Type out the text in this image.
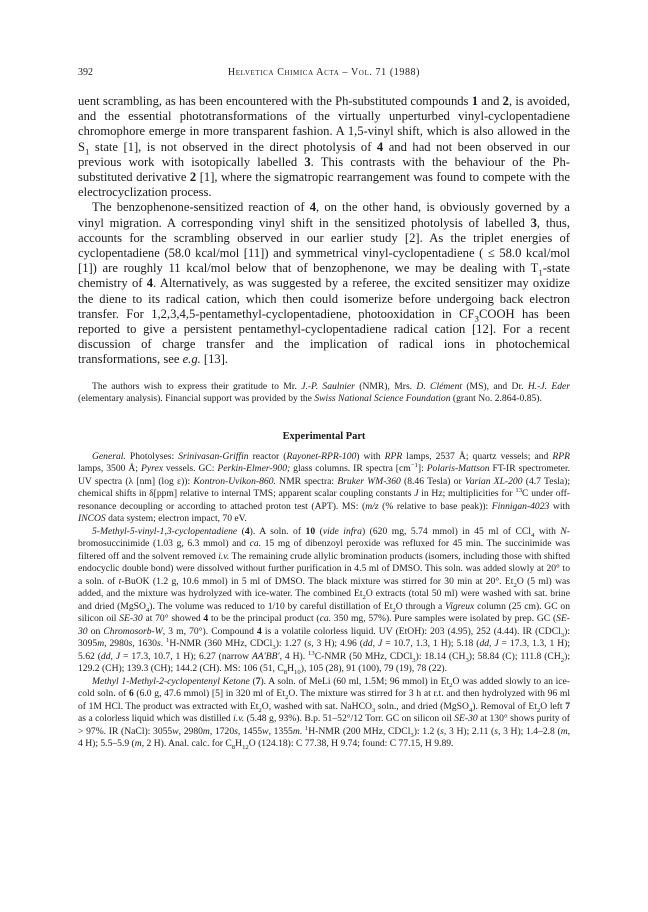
392	Helvetica Chimica Acta – Vol. 71 (1988)

uent scrambling, as has been encountered with the Ph-substituted compounds 1 and 2, is avoided, and the essential phototransformations of the virtually unperturbed vinyl-cyclopentadiene chromophore emerge in more transparent fashion. A 1,5-vinyl shift, which is also allowed in the $S_1$ state [1], is not observed in the direct photolysis of 4 and had not been observed in our previous work with isotopically labelled 3. This contrasts with the behaviour of the Ph-substituted derivative 2 [1], where the sigmatropic rearrangement was found to compete with the electrocyclization process.

The benzophenone-sensitized reaction of 4, on the other hand, is obviously governed by a vinyl migration. A corresponding vinyl shift in the sensitized photolysis of labelled 3, thus, accounts for the scrambling observed in our earlier study [2]. As the triplet energies of cyclopentadiene (58.0 kcal/mol [11]) and symmetrical vinyl-cyclopentadiene ( ≤ 58.0 kcal/mol [1]) are roughly 11 kcal/mol below that of benzophenone, we may be dealing with $T_1$-state chemistry of 4. Alternatively, as was suggested by a referee, the excited sensitizer may oxidize the diene to its radical cation, which then could isomerize before undergoing back electron transfer. For 1,2,3,4,5-pentamethyl-cyclopentadiene, photooxidation in $CF_3COOH$ has been reported to give a persistent pentamethyl-cyclopentadiene radical cation [12]. For a recent discussion of charge transfer and the implication of radical ions in photochemical transformations, see e.g. [13].

The authors wish to express their gratitude to Mr. J.-P. Saulnier (NMR), Mrs. D. Clément (MS), and Dr. H.-J. Eder (elementary analysis). Financial support was provided by the Swiss National Science Foundation (grant No. 2.864-0.85).

Experimental Part

General. Photolyses: Srinivasan-Griffin reactor (Rayonet-RPR-100) with RPR lamps, 2537 Å; quartz vessels; and RPR lamps, 3500 Å; Pyrex vessels. GC: Perkin-Elmer-900; glass columns. IR spectra $[cm^{-1}]$: Polaris-Mattson FT-IR spectrometer. UV spectra (λ [nm] (log ε)): Kontron-Uvikon-860. NMR spectra: Bruker WM-360 (8.46 Tesla) or Varian XL-200 (4.7 Tesla); chemical shifts in δ[ppm] relative to internal TMS; apparent scalar coupling constants J in Hz; multiplicities for $^{13}$C under off-resonance decoupling or according to attached proton test (APT). MS: (m/z (% relative to base peak)): Finnigan-4023 with INCOS data system; electron impact, 70 eV.

5-Methyl-5-vinyl-1,3-cyclopentadiene (4). A soln. of 10 (vide infra) (620 mg, 5.74 mmol) in 45 ml of CCl$_4$ with N-bromosuccinimide (1.03 g, 6.3 mmol) and ca. 15 mg of dibenzoyl peroxide was refluxed for 45 min. The succinimide was filtered off and the solvent removed i.v. The remaining crude allylic bromination products (isomers, including those with shifted endocyclic double bond) were dissolved without further purification in 4.5 ml of DMSO. This soln. was added slowly at 20° to a soln. of t-BuOK (1.2 g, 10.6 mmol) in 5 ml of DMSO. The black mixture was stirred for 30 min at 20°. $Et_2O$ (5 ml) was added, and the mixture was hydrolyzed with ice-water. The combined $Et_2O$ extracts (total 50 ml) were washed with sat. brine and dried (MgSO$_4$). The volume was reduced to 1/10 by careful distillation of $Et_2O$ through a Vigreux column (25 cm). GC on silicon oil SE-30 at 70° showed 4 to be the principal product (ca. 350 mg, 57%). Pure samples were isolated by prep. GC (SE-30 on Chromosorb-W, 3 m, 70°). Compound 4 is a volatile colorless liquid. UV (EtOH): 203 (4.95), 252 (4.44). IR (CDCl$_3$): 3095m, 2980s, 1630s. $^1$H-NMR (360 MHz, CDCl$_3$): 1.27 (s, 3 H); 4.96 (dd, J = 10.7, 1.3, 1 H); 5.18 (dd, J = 17.3, 1.3, 1 H); 5.62 (dd, J = 17.3, 10.7, 1 H); 6.27 (narrow AA′BB′, 4 H). $^{13}$C-NMR (50 MHz, CDCl$_3$): 18.14 $(CH_3)$; 58.84 (C); 111.8 $(CH_2)$; 129.2 (CH); 139.3 (CH); 144.2 (CH). MS: 106 (51, $C_8H_{10}$), 105 (28), 91 (100), 79 (19), 78 (22).

Methyl 1-Methyl-2-cyclopentenyl Ketone (7). A soln. of MeLi (60 ml, 1.5M; 96 mmol) in $Et_2O$ was added slowly to an ice-cold soln. of 6 (6.0 g, 47.6 mmol) [5] in 320 ml of $Et_2O$. The mixture was stirred for 3 h at r.t. and then hydrolyzed with 96 ml of 1M HCl. The product was extracted with $Et_2O$, washed with sat. NaHCO$_3$ soln., and dried (MgSO$_4$). Removal of $Et_2O$ left 7 as a colorless liquid which was distilled i.v. (5.48 g, 93%). B.p. 51–52°/12 Torr. GC on silicon oil SE-30 at 130° shows purity of > 97%. IR (NaCl): 3055w, 2980m, 1720s, 1455w, 1355m. $^1$H-NMR (200 MHz, CDCl$_3$): 1.2 (s, 3 H); 2.11 (s, 3 H); 1.4–2.8 (m, 4 H); 5.5–5.9 (m, 2 H). Anal. calc. for $C_8H_{12}O$ (124.18): C 77.38, H 9.74; found: C 77.15, H 9.89.
